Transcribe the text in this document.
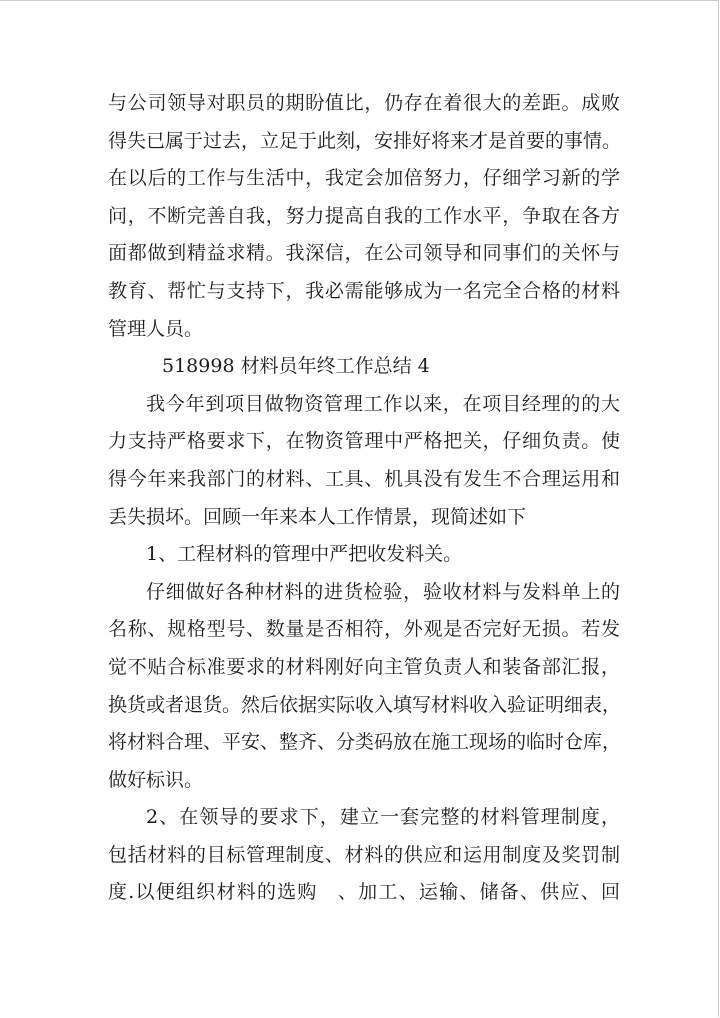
与公司领导对职员的期盼值比，仍存在着很大的差距。成败
得失已属于过去，立足于此刻，安排好将来才是首要的事情。
在以后的工作与生活中，我定会加倍努力，仔细学习新的学
问，不断完善自我，努力提高自我的工作水平，争取在各方
面都做到精益求精。我深信，在公司领导和同事们的关怀与
教育、帮忙与支持下，我必需能够成为一名完全合格的材料
管理人员。
518998 材料员年终工作总结 4
我今年到项目做物资管理工作以来，在项目经理的的大
力支持严格要求下，在物资管理中严格把关，仔细负责。使
得今年来我部门的材料、工具、机具没有发生不合理运用和
丢失损坏。回顾一年来本人工作情景，现简述如下
1、工程材料的管理中严把收发料关。
仔细做好各种材料的进货检验，验收材料与发料单上的
名称、规格型号、数量是否相符，外观是否完好无损。若发
觉不贴合标准要求的材料刚好向主管负责人和装备部汇报，
换货或者退货。然后依据实际收入填写材料收入验证明细表，
将材料合理、平安、整齐、分类码放在施工现场的临时仓库，
做好标识。
2、在领导的要求下，建立一套完整的材料管理制度，
包括材料的目标管理制度、材料的供应和运用制度及奖罚制
度.以便组织材料的选购　、加工、运输、储备、供应、回
